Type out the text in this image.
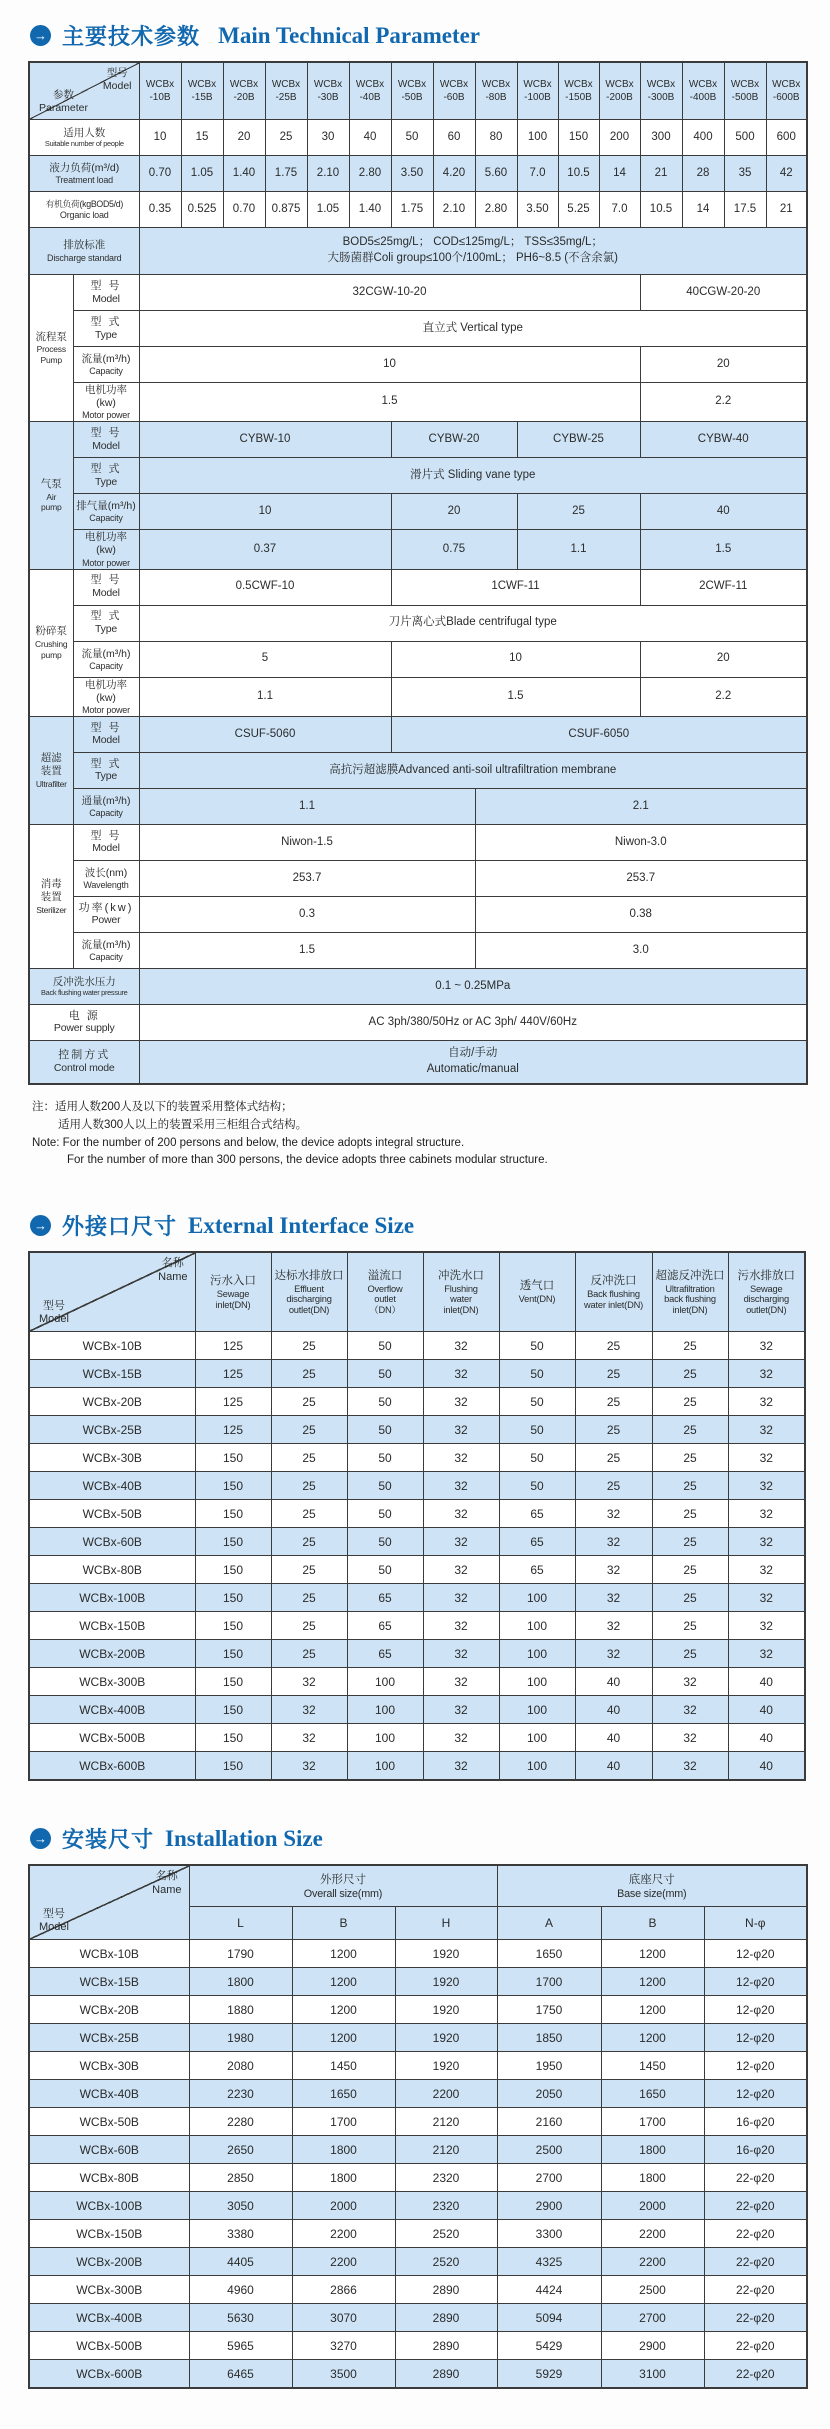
→ 主要技术参数 Main Technical Parameter
型号
Model
参数
Parameter

WCBx
-10B

WCBx
-15B

WCBx
-20B

WCBx
-25B

WCBx
-30B

WCBx
-40B

WCBx
-50B

WCBx
-60B

WCBx
-80B

WCBx
-100B

WCBx
-150B

WCBx
-200B

WCBx
-300B

WCBx
-400B

WCBx
-500B

WCBx
-600B

适用人数
Suitable number of people		10	15	20	25	30	40	50	60	80	100	150	200	300	400	500	600

液力负荷(m³/d)
Treatment load		0.70	1.05	1.40	1.75	2.10	2.80	3.50	4.20	5.60	7.0	10.5	14	21	28	35	42

有机负荷(kgBOD5/d)
Organic load		0.35	0.525	0.70	0.875	1.05	1.40	1.75	2.10	2.80	3.50	5.25	7.0	10.5	14	17.5	21

排放标准
Discharge standard

BOD5≤25mg/L； COD≤125mg/L； TSS≤35mg/L；
大肠菌群Coli group≤100个/100mL； PH6~8.5 (不含余氯)

流程泵
Process
Pump

型 号
Model

32CGW-10-20	40CGW-20-20

	型 式
Type	直立式 Vertical type															

	流量(m³/h)
Capacity	10												20			

	电机功率(kw)
Motor power	1.5												2.2			

气泵
Air
pump

型 号
Model

CYBW-10	CYBW-20	CYBW-25	CYBW-40

	型 式
Type	滑片式 Sliding vane type															

	排气量(m³/h)
Capacity	10						20			25			40			

	电机功率(kw)
Motor power	0.37						0.75			1.1			1.5			

粉碎泵
Crushing
pump

型 号
Model

0.5CWF-10	1CWF-11	2CWF-11

	型 式
Type	刀片离心式Blade centrifugal type															

	流量(m³/h)
Capacity	5						10						20			

	电机功率(kw)
Motor power	1.1						1.5						2.2			

超滤
装置
Ultrafilter

型 号
Model

CSUF-5060	CSUF-6050

	型 式
Type	高抗污超滤膜Advanced anti-soil ultrafiltration membrane															

	通量(m³/h)
Capacity	1.1								2.1							

消毒
装置
Sterilizer

型 号
Model

Niwon-1.5	Niwon-3.0

	波长(nm)
Wavelength	253.7								253.7							

	功率(kw)
Power	0.3								0.38							

	流量(m³/h)
Capacity	1.5								3.0							

反冲洗水压力
Back flushing water pressure		0.1 ~ 0.25MPa															

电 源
Power supply		AC 3ph/380/50Hz or AC 3ph/ 440V/60Hz															

控制方式
Control mode

自动/手动
Automatic/manual
注：适用人数200人及以下的装置采用整体式结构；
适用人数300人以上的装置采用三柜组合式结构。
Note: For the number of 200 persons and below, the device adopts integral structure.
For the number of more than 300 persons, the device adopts three cabinets modular structure.
→ 外接口尺寸 External Interface Size
名称
Name
型号
Model

污水入口
Sewage
inlet(DN)

达标水排放口
Effluent
discharging
outlet(DN)

溢流口
Overflow
outlet
（DN）

冲洗水口
Flushing
water
inlet(DN)

透气口
Vent(DN)

反冲洗口
Back flushing
water inlet(DN)

超滤反冲洗口
Ultrafiltration
back flushing
inlet(DN)

污水排放口
Sewage
discharging
outlet(DN)

WCBx-10B	125	25	50	32	50	25	25	32

WCBx-15B	125	25	50	32	50	25	25	32

WCBx-20B	125	25	50	32	50	25	25	32

WCBx-25B	125	25	50	32	50	25	25	32

WCBx-30B	150	25	50	32	50	25	25	32

WCBx-40B	150	25	50	32	50	25	25	32

WCBx-50B	150	25	50	32	65	32	25	32

WCBx-60B	150	25	50	32	65	32	25	32

WCBx-80B	150	25	50	32	65	32	25	32

WCBx-100B	150	25	65	32	100	32	25	32

WCBx-150B	150	25	65	32	100	32	25	32

WCBx-200B	150	25	65	32	100	32	25	32

WCBx-300B	150	32	100	32	100	40	32	40

WCBx-400B	150	32	100	32	100	40	32	40

WCBx-500B	150	32	100	32	100	40	32	40

WCBx-600B	150	32	100	32	100	40	32	40
→ 安装尺寸 Installation Size
名称
Name
型号
Model

外形尺寸
Overall size(mm)

底座尺寸
Base size(mm)

	L	B	H	A	B	N-φ

WCBx-10B	1790	1200	1920	1650	1200	12-φ20

WCBx-15B	1800	1200	1920	1700	1200	12-φ20

WCBx-20B	1880	1200	1920	1750	1200	12-φ20

WCBx-25B	1980	1200	1920	1850	1200	12-φ20

WCBx-30B	2080	1450	1920	1950	1450	12-φ20

WCBx-40B	2230	1650	2200	2050	1650	12-φ20

WCBx-50B	2280	1700	2120	2160	1700	16-φ20

WCBx-60B	2650	1800	2120	2500	1800	16-φ20

WCBx-80B	2850	1800	2320	2700	1800	22-φ20

WCBx-100B	3050	2000	2320	2900	2000	22-φ20

WCBx-150B	3380	2200	2520	3300	2200	22-φ20

WCBx-200B	4405	2200	2520	4325	2200	22-φ20

WCBx-300B	4960	2866	2890	4424	2500	22-φ20

WCBx-400B	5630	3070	2890	5094	2700	22-φ20

WCBx-500B	5965	3270	2890	5429	2900	22-φ20

WCBx-600B	6465	3500	2890	5929	3100	22-φ20
